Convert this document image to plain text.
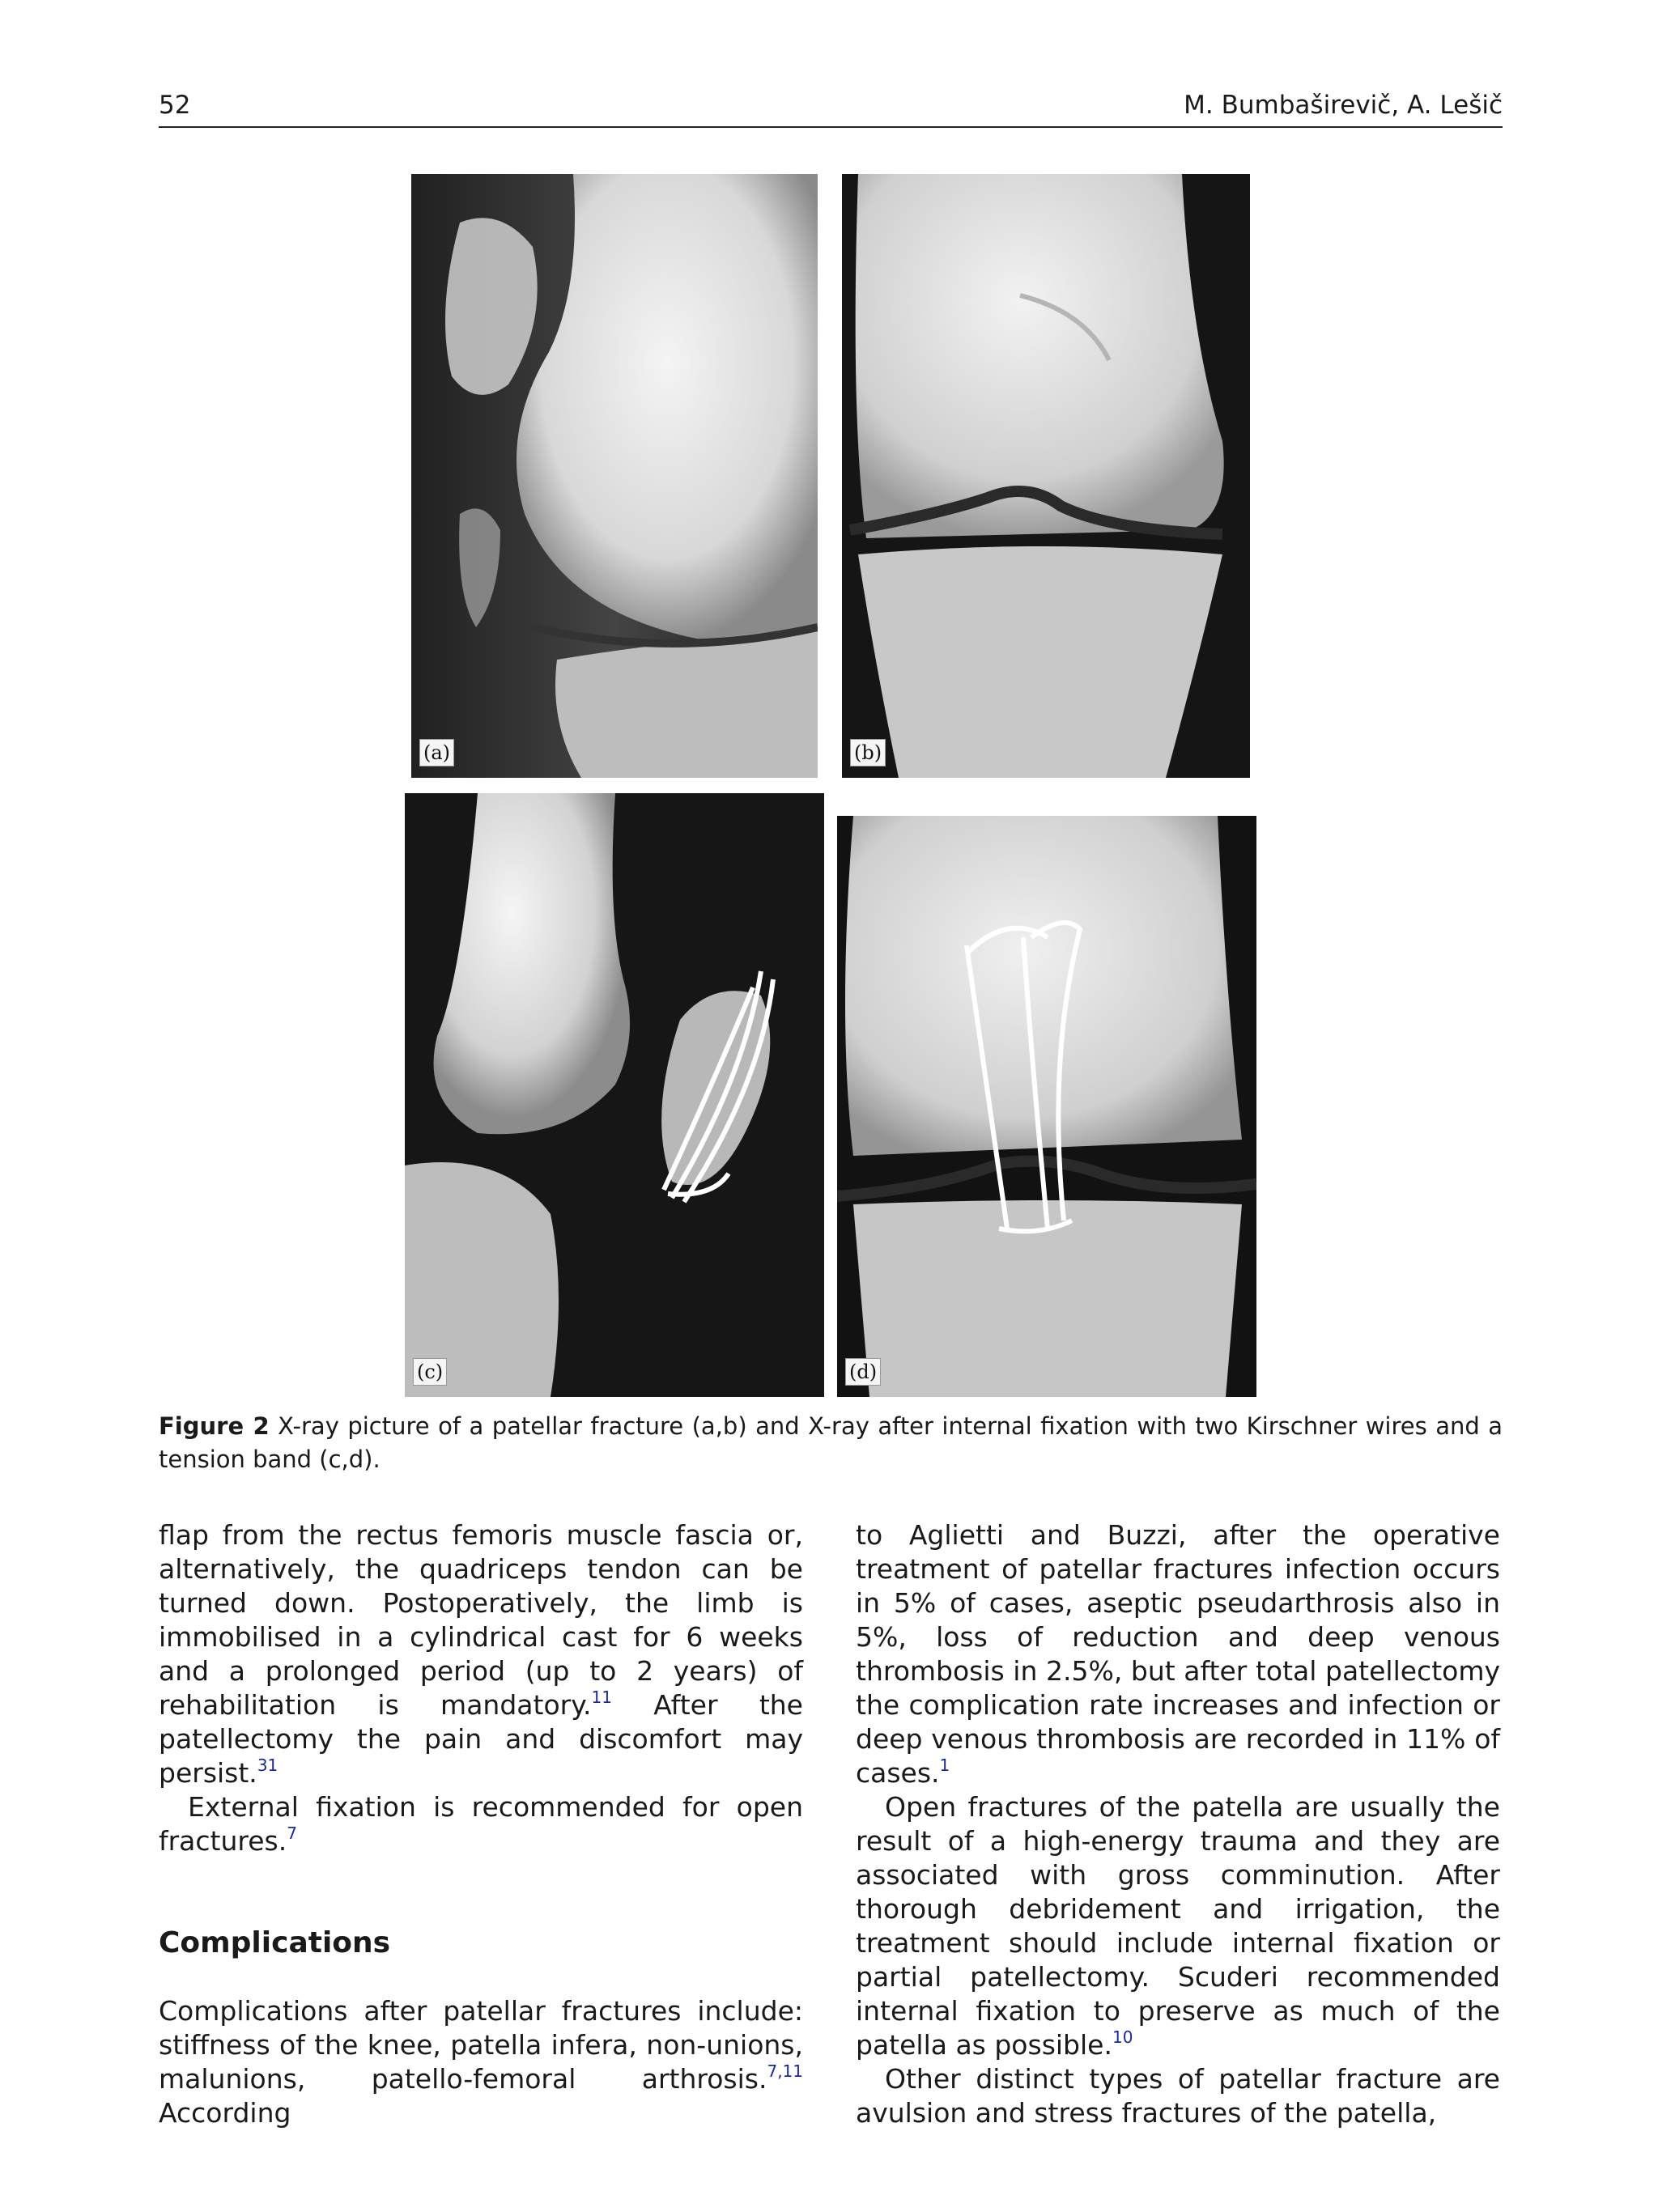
52	M. Bumbaširevič, A. Lešič
(a)	(b)
(c)	(d)
Figure 2 X-ray picture of a patellar fracture (a,b) and X-ray after internal fixation with two Kirschner wires and a tension band (c,d).

flap from the rectus femoris muscle fascia or, alternatively, the quadriceps tendon can be turned down. Postoperatively, the limb is immobilised in a cylindrical cast for 6 weeks and a prolonged period (up to 2 years) of rehabilitation is mandatory.$^{11}$ After the patellectomy the pain and discomfort may persist.$^{31}$

External fixation is recommended for open fractures.$^7$

Complications

Complications after patellar fractures include: stiffness of the knee, patella infera, non-unions, malunions, patello-femoral arthrosis.$^{7,11}$ According

to Aglietti and Buzzi, after the operative treatment of patellar fractures infection occurs in 5% of cases, aseptic pseudarthrosis also in 5%, loss of reduction and deep venous thrombosis in 2.5%, but after total patellectomy the complication rate increases and infection or deep venous thrombosis are recorded in 11% of cases.$^1$

Open fractures of the patella are usually the result of a high-energy trauma and they are associated with gross comminution. After thorough debridement and irrigation, the treatment should include internal fixation or partial patellectomy. Scuderi recommended internal fixation to preserve as much of the patella as possible.$^{10}$

Other distinct types of patellar fracture are avulsion and stress fractures of the patella,
